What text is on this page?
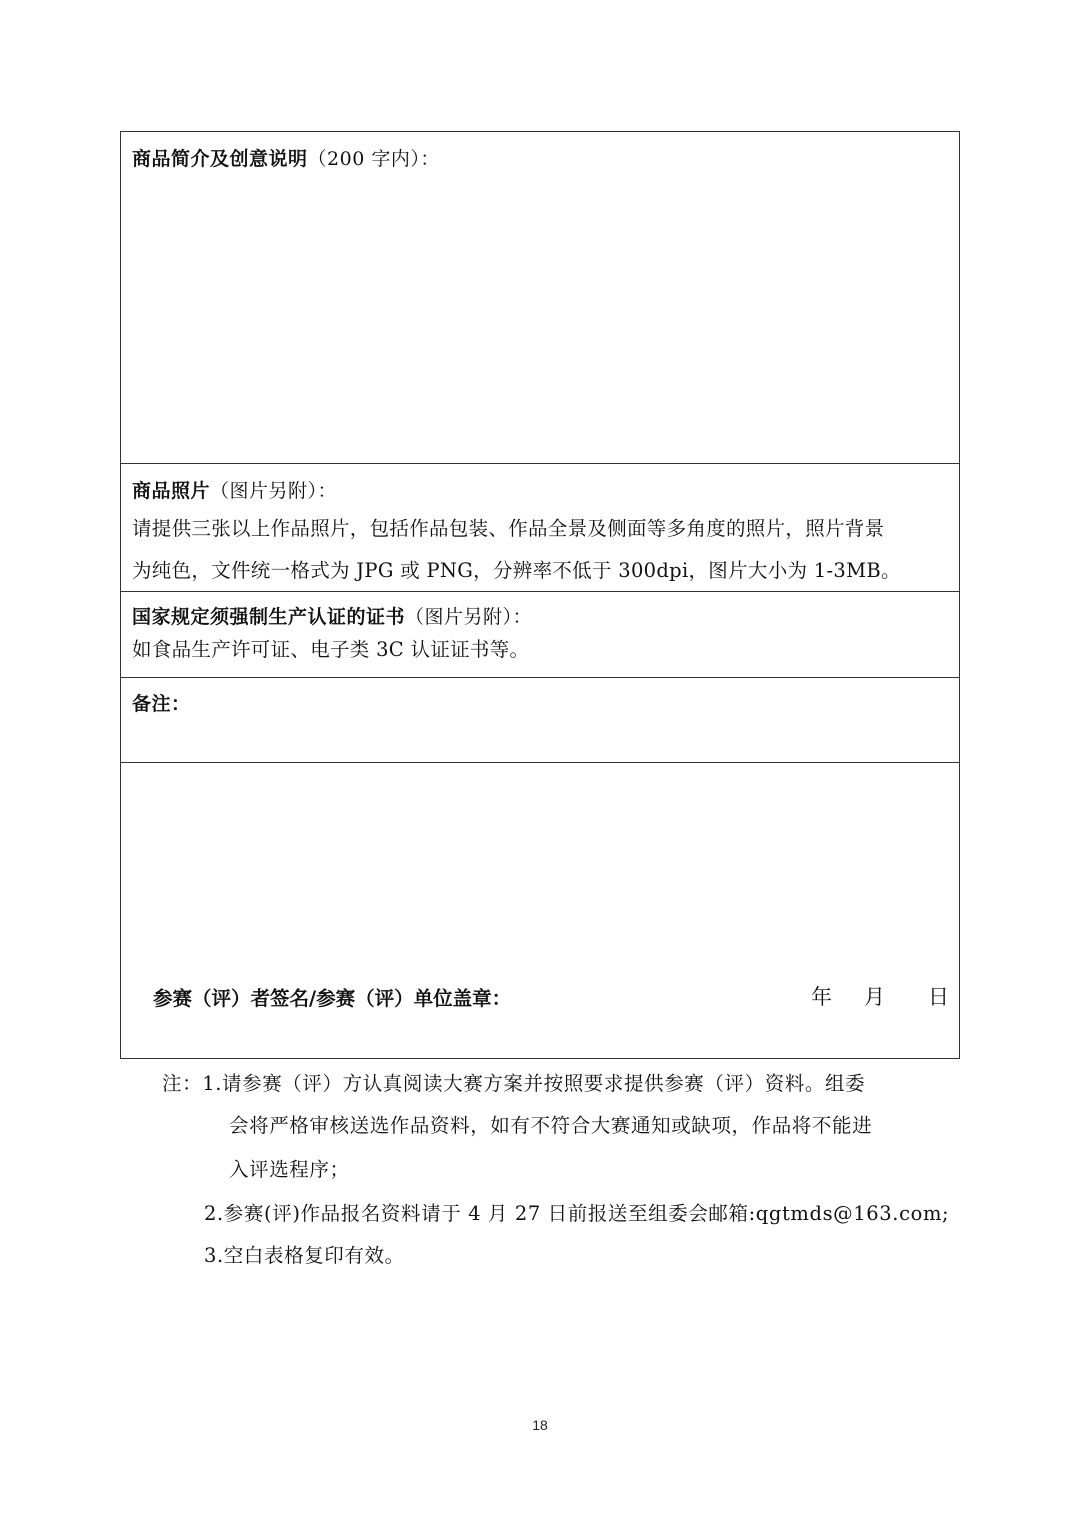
商品简介及创意说明（200 字内）：
商品照片（图片另附）：
请提供三张以上作品照片，包括作品包装、作品全景及侧面等多角度的照片，照片背景
为纯色，文件统一格式为 JPG 或 PNG，分辨率不低于 300dpi，图片大小为 1-3MB。
国家规定须强制生产认证的证书（图片另附）：
如食品生产许可证、电子类 3C 认证证书等。
备注：
参赛（评）者签名/参赛（评）单位盖章：	年 月 日
注：1.请参赛（评）方认真阅读大赛方案并按照要求提供参赛（评）资料。组委
会将严格审核送选作品资料，如有不符合大赛通知或缺项，作品将不能进
入评选程序；
2.参赛(评)作品报名资料请于 4 月 27 日前报送至组委会邮箱:qgtmds@163.com;
3.空白表格复印有效。
18
